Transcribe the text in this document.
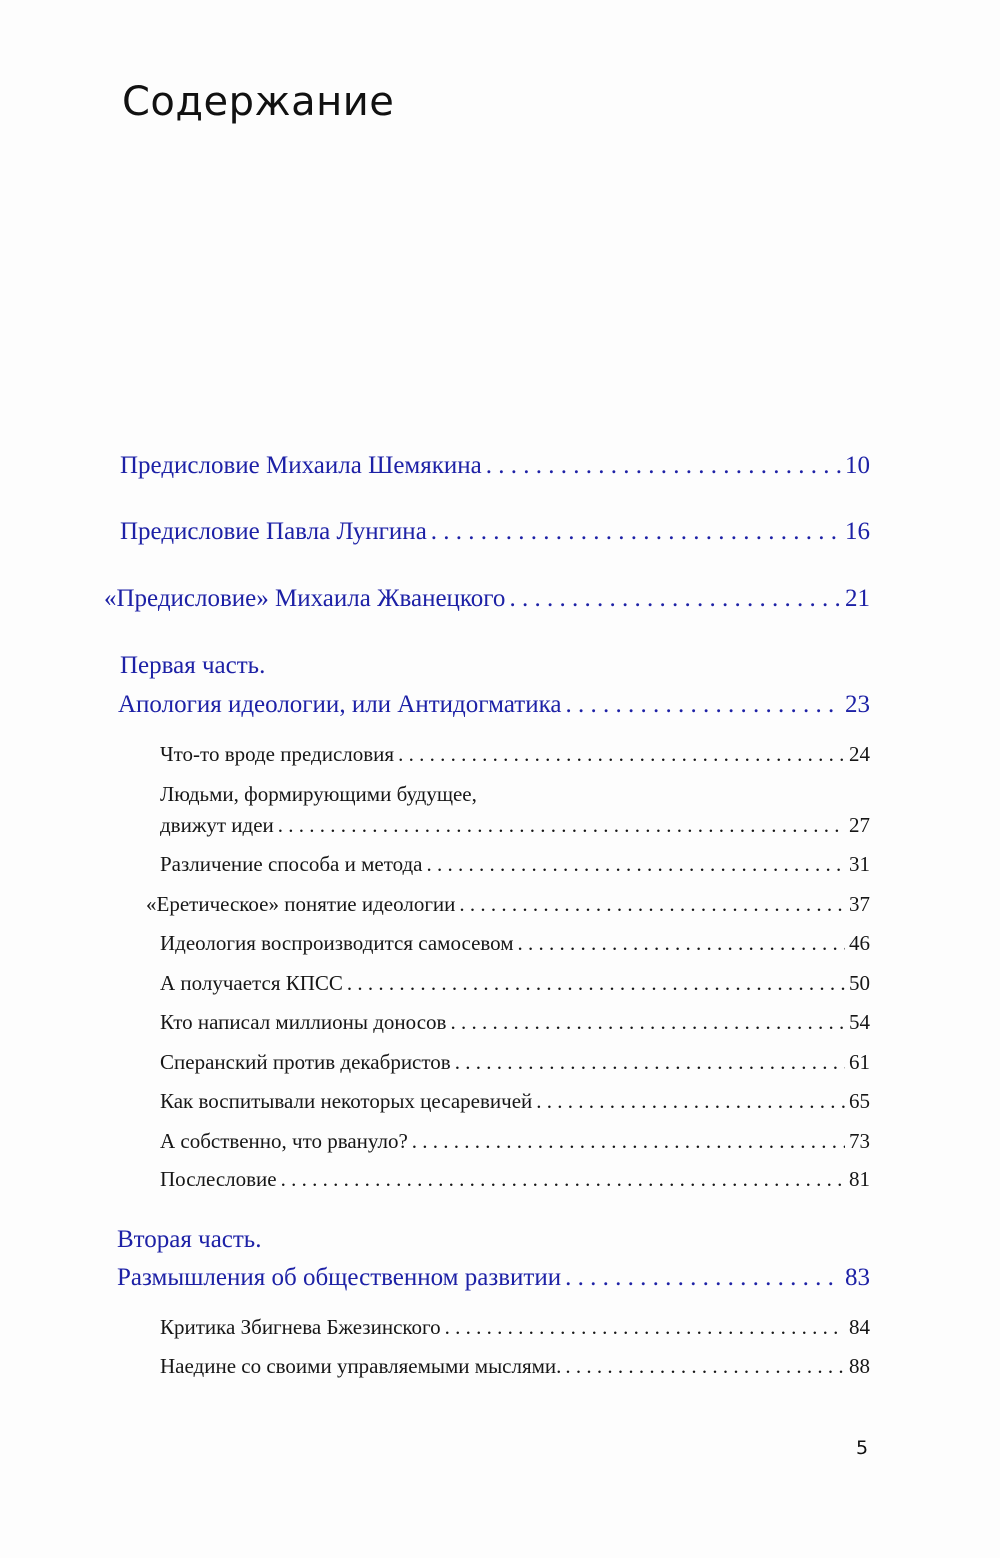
Содержание
Предисловие Михаила Шемякина . . .	10
Предисловие Павла Лунгина . . .	16
«Предисловие» Михаила Жванецкого . . .	21
Первая часть.
Апология идеологии, или Антидогматика . . .	23
Что-то вроде предисловия . . .	24
Людьми, формирующими будущее,
движут идеи . . .	27
Различение способа и метода . . .	31
«Еретическое» понятие идеологии . . .	37
Идеология воспроизводится самосевом . . .	46
А получается КПСС . . .	50
Кто написал миллионы доносов . . .	54
Сперанский против декабристов . . .	61
Как воспитывали некоторых цесаревичей . . .	65
А собственно, что рвануло? . . .	73
Послесловие . . .	81
Вторая часть.
Размышления об общественном развитии . . .	83
Критика Збигнева Бжезинского . . .	84
Наедине со своими управляемыми мыслями. . . .	88
5
